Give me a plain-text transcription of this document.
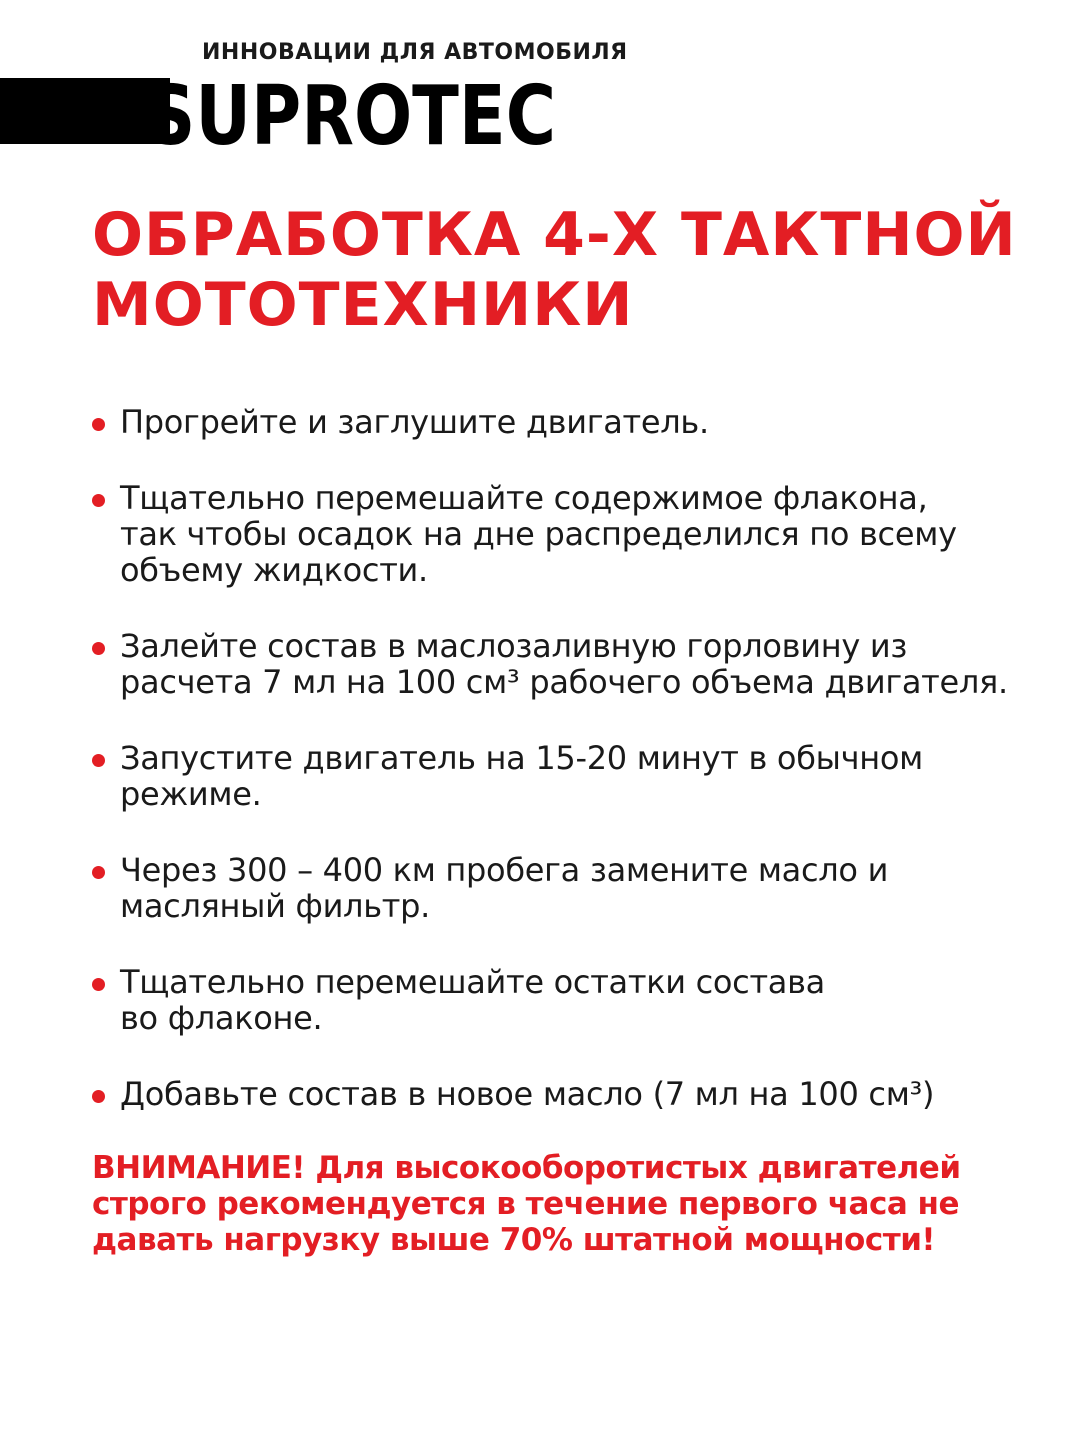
ИННОВАЦИИ ДЛЯ АВТОМОБИЛЯ
SUPROTEC
ОБРАБОТКА 4-Х ТАКТНОЙ МОТОТЕХНИКИ
Прогрейте и заглушите двигатель.
Тщательно перемешайте содержимое флакона,
так чтобы осадок на дне распределился по всему
объему жидкости.
Залейте состав в маслозаливную горловину из
расчета 7 мл на 100 см³ рабочего объема двигателя.
Запустите двигатель на 15-20 минут в обычном
режиме.
Через 300 – 400 км пробега замените масло и
масляный фильтр.
Тщательно перемешайте остатки состава
во флаконе.
Добавьте состав в новое масло (7 мл на 100 см³)

ВНИМАНИЕ! Для высокооборотистых двигателей
строго рекомендуется в течение первого часа не
давать нагрузку выше 70% штатной мощности!
